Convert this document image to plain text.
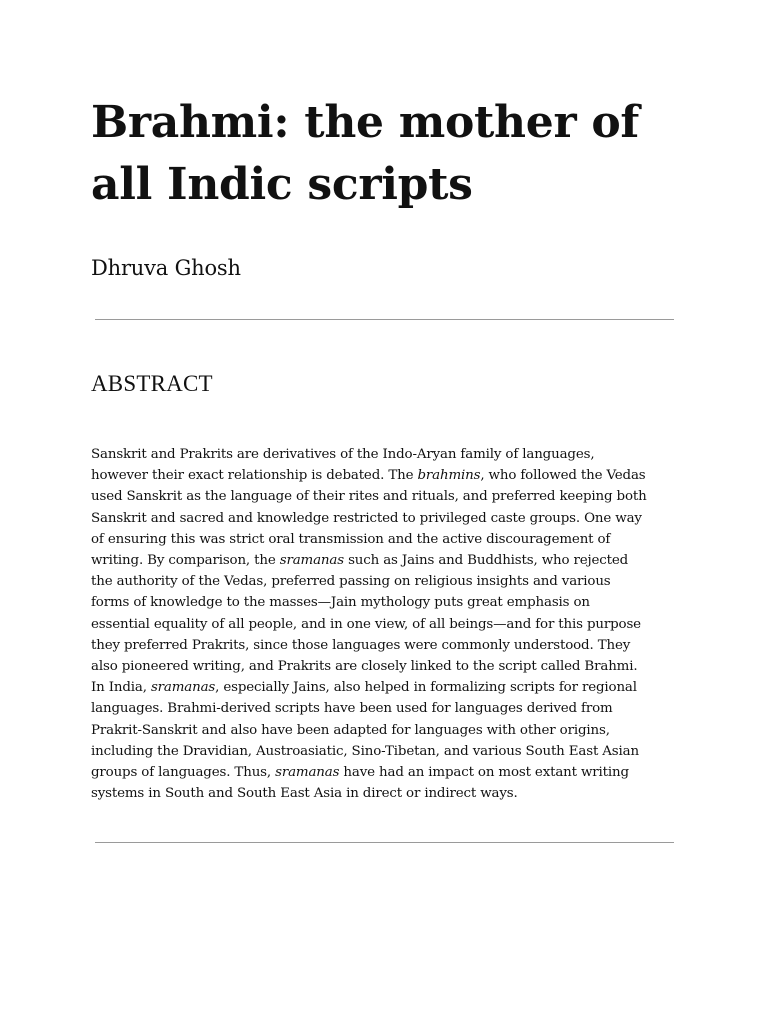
Brahmi: the mother of
all Indic scripts

Dhruva Ghosh

ABSTRACT

Sanskrit and Prakrits are derivatives of the Indo-Aryan family of languages,
however their exact relationship is debated. The brahmins, who followed the Vedas
used Sanskrit as the language of their rites and rituals, and preferred keeping both
Sanskrit and sacred and knowledge restricted to privileged caste groups. One way
of ensuring this was strict oral transmission and the active discouragement of
writing. By comparison, the sramanas such as Jains and Buddhists, who rejected
the authority of the Vedas, preferred passing on religious insights and various
forms of knowledge to the masses—Jain mythology puts great emphasis on
essential equality of all people, and in one view, of all beings—and for this purpose
they preferred Prakrits, since those languages were commonly understood. They
also pioneered writing, and Prakrits are closely linked to the script called Brahmi.
In India, sramanas, especially Jains, also helped in formalizing scripts for regional
languages. Brahmi-derived scripts have been used for languages derived from
Prakrit-Sanskrit and also have been adapted for languages with other origins,
including the Dravidian, Austroasiatic, Sino-Tibetan, and various South East Asian
groups of languages. Thus, sramanas have had an impact on most extant writing
systems in South and South East Asia in direct or indirect ways.
